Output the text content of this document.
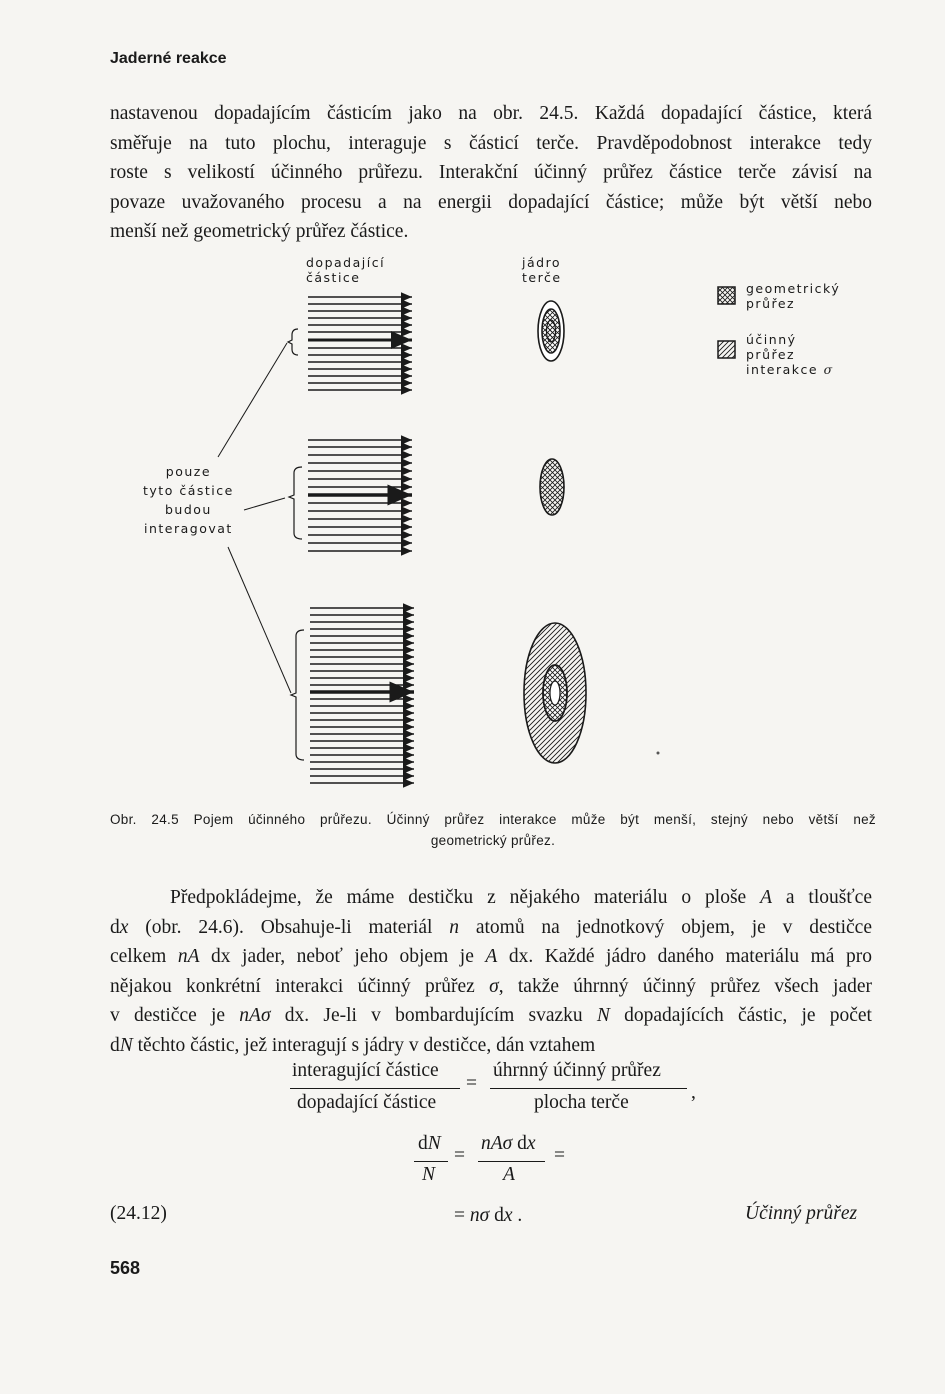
Jaderné reakce

nastavenou dopadajícím částicím jako na obr. 24.5. Každá dopadající částice, která
směřuje na tuto plochu, interaguje s částicí terče. Pravděpodobnost interakce tedy
roste s velikostí účinného průřezu. Interakční účinný průřez částice terče závisí na
povaze uvažovaného procesu a na energii dopadající částice; může být větší nebo
menší než geometrický průřez částice.

dopadající
částice
jádro
terče
pouze
tyto částice
budou
interagovat
geometrický
průřez
účinný
průřez
interakce σ
Obr. 24.5 Pojem účinného průřezu. Účinný průřez interakce může být menší, stejný nebo větší než
geometrický průřez.

Předpokládejme, že máme destičku z nějakého materiálu o ploše A a tloušťce
dx (obr. 24.6). Obsahuje-li materiál n atomů na jednotkový objem, je v destičce
celkem nA dx jader, neboť jeho objem je A dx. Každé jádro daného materiálu má pro
nějakou konkrétní interakci účinný průřez σ, takže úhrnný účinný průřez všech jader
v destičce je nAσ dx. Je-li v bombardujícím svazku N dopadajících částic, je počet
dN těchto částic, jež interagují s jádry v destičce, dán vztahem

interagující částice
dopadající částice
=
úhrnný účinný průřez
plocha terče	,
dN
N
=
nAσ dx
A
=
= nσ dx .
(24.12)	Účinný průřez
568
